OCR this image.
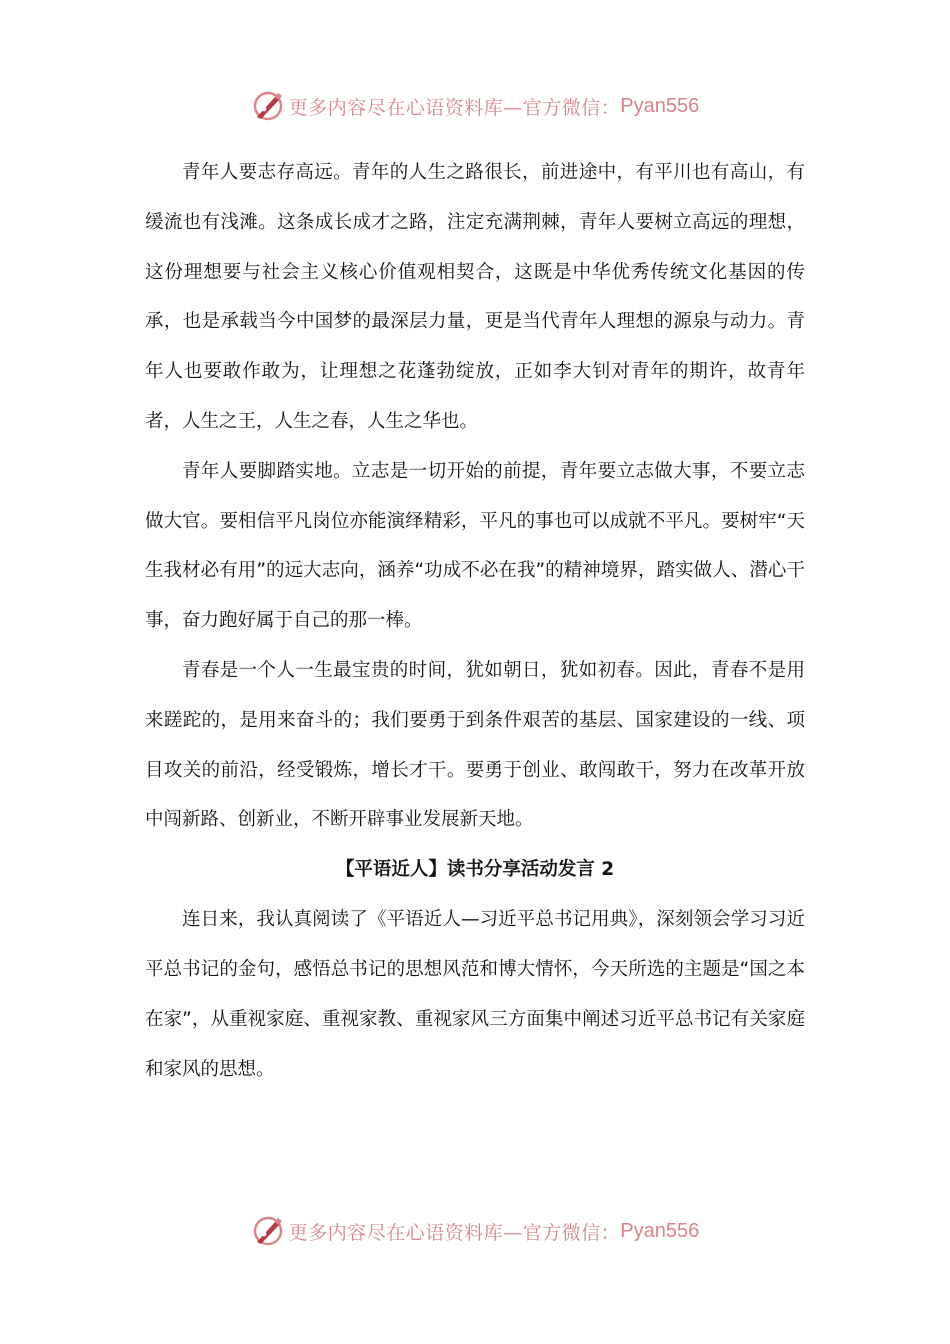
更多内容尽在心语资料库—官方微信： Pyan556

青年人要志存高远。青年的人生之路很长，前进途中，有平川也有高山，有缓流也有浅滩。这条成长成才之路，注定充满荆棘，青年人要树立高远的理想，这份理想要与社会主义核心价值观相契合，这既是中华优秀传统文化基因的传承，也是承载当今中国梦的最深层力量，更是当代青年人理想的源泉与动力。青年人也要敢作敢为，让理想之花蓬勃绽放，正如李大钊对青年的期许，故青年者，人生之王，人生之春，人生之华也。

青年人要脚踏实地。立志是一切开始的前提，青年要立志做大事，不要立志做大官。要相信平凡岗位亦能演绎精彩，平凡的事也可以成就不平凡。要树牢“天生我材必有用”的远大志向，涵养“功成不必在我”的精神境界，踏实做人、潜心干事，奋力跑好属于自己的那一棒。

青春是一个人一生最宝贵的时间，犹如朝日，犹如初春。因此，青春不是用来蹉跎的，是用来奋斗的；我们要勇于到条件艰苦的基层、国家建设的一线、项目攻关的前沿，经受锻炼，增长才干。要勇于创业、敢闯敢干，努力在改革开放中闯新路、创新业，不断开辟事业发展新天地。

【平语近人】读书分享活动发言 2

连日来，我认真阅读了《平语近人—习近平总书记用典》，深刻领会学习习近平总书记的金句，感悟总书记的思想风范和博大情怀，今天所选的主题是“国之本在家”，从重视家庭、重视家教、重视家风三方面集中阐述习近平总书记有关家庭和家风的思想。

更多内容尽在心语资料库—官方微信： Pyan556
